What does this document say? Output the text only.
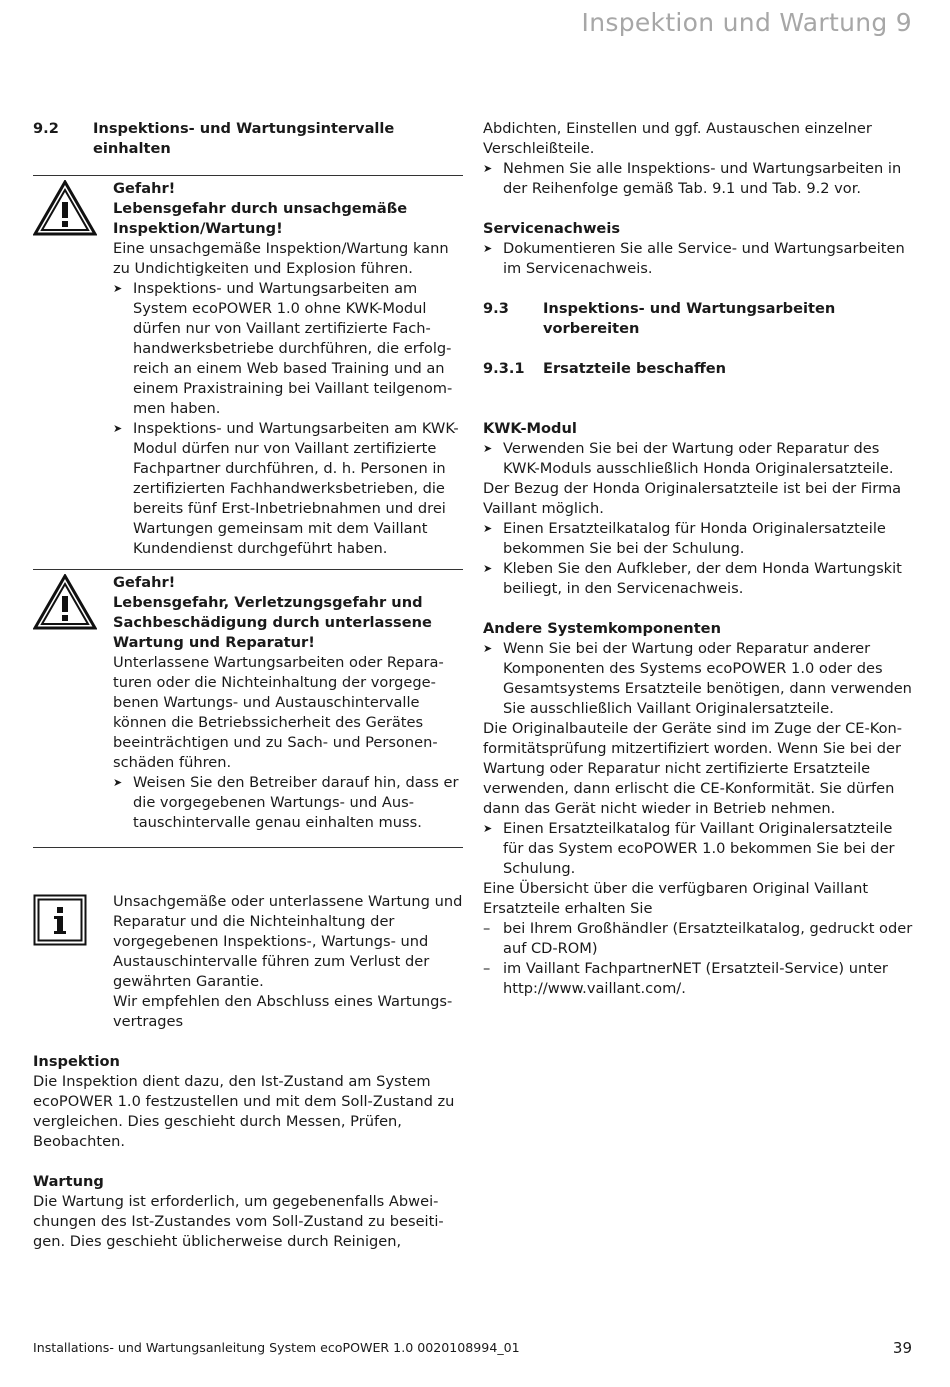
Inspektion und Wartung 9
9.2	Inspektions- und Wartungsintervalle einhalten

Gefahr!

Lebensgefahr durch unsachgemäße Inspektion/Wartung!

Eine unsachgemäße Inspektion/Wartung kann zu Undichtigkeiten und Explosion führen.

➤ Inspektions- und Wartungsarbeiten am System ecoPOWER 1.0 ohne KWK-Modul dürfen nur von Vaillant zertifizierte Fachhandwerksbetriebe durchführen, die erfolgreich an einem Web based Training und an einem Praxistraining bei Vaillant teilgenommen haben.
➤ Inspektions- und Wartungsarbeiten am KWK-Modul dürfen nur von Vaillant zertifizierte Fachpartner durchführen, d. h. Personen in zertifizierten Fachhandwerksbetrieben, die bereits fünf Erst-Inbetriebnahmen und drei Wartungen gemeinsam mit dem Vaillant Kundendienst durchgeführt haben.

Gefahr!

Lebensgefahr, Verletzungsgefahr und Sachbeschädigung durch unterlassene Wartung und Reparatur!

Unterlassene Wartungsarbeiten oder Reparaturen oder die Nichteinhaltung der vorgegebenen Wartungs- und Austauschintervalle können die Betriebssicherheit des Gerätes beeinträchtigen und zu Sach- und Personenschäden führen.

➤ Weisen Sie den Betreiber darauf hin, dass er die vorgegebenen Wartungs- und Austauschintervalle genau einhalten muss.

Unsachgemäße oder unterlassene Wartung und Reparatur und die Nichteinhaltung der vorgegebenen Inspektions-, Wartungs- und Austauschintervalle führen zum Verlust der gewährten Garantie.

Wir empfehlen den Abschluss eines Wartungsvertrages

Inspektion

Die Inspektion dient dazu, den Ist-Zustand am System ecoPOWER 1.0 festzustellen und mit dem Soll-Zustand zu vergleichen. Dies geschieht durch Messen, Prüfen, Beobachten.

Wartung

Die Wartung ist erforderlich, um gegebenenfalls Abweichungen des Ist-Zustandes vom Soll-Zustand zu beseitigen. Dies geschieht üblicherweise durch Reinigen,

Abdichten, Einstellen und ggf. Austauschen einzelner Verschleißteile.

➤ Nehmen Sie alle Inspektions- und Wartungsarbeiten in der Reihenfolge gemäß Tab. 9.1 und Tab. 9.2 vor.

Servicenachweis

➤ Dokumentieren Sie alle Service- und Wartungsarbeiten im Servicenachweis.
9.3	Inspektions- und Wartungsarbeiten vorbereiten
9.3.1	Ersatzteile beschaffen

KWK-Modul

➤ Verwenden Sie bei der Wartung oder Reparatur des KWK-Moduls ausschließlich Honda Originalersatzteile.

Der Bezug der Honda Originalersatzteile ist bei der Firma Vaillant möglich.

➤ Einen Ersatzteilkatalog für Honda Originalersatzteile bekommen Sie bei der Schulung.
➤ Kleben Sie den Aufkleber, der dem Honda Wartungskit beiliegt, in den Servicenachweis.

Andere Systemkomponenten

➤ Wenn Sie bei der Wartung oder Reparatur anderer Komponenten des Systems ecoPOWER 1.0 oder des Gesamtsystems Ersatzteile benötigen, dann verwenden Sie ausschließlich Vaillant Originalersatzteile.

Die Originalbauteile der Geräte sind im Zuge der CE-Konformitätsprüfung mitzertifiziert worden. Wenn Sie bei der Wartung oder Reparatur nicht zertifizierte Ersatzteile verwenden, dann erlischt die CE-Konformität. Sie dürfen dann das Gerät nicht wieder in Betrieb nehmen.

➤ Einen Ersatzteilkatalog für Vaillant Originalersatzteile für das System ecoPOWER 1.0 bekommen Sie bei der Schulung.

Eine Übersicht über die verfügbaren Original Vaillant Ersatzteile erhalten Sie

– bei Ihrem Großhändler (Ersatzteilkatalog, gedruckt oder auf CD-ROM)
– im Vaillant FachpartnerNET (Ersatzteil-Service) unter http://www.vaillant.com/.
Installations- und Wartungsanleitung System ecoPOWER 1.0 0020108994_01	39
